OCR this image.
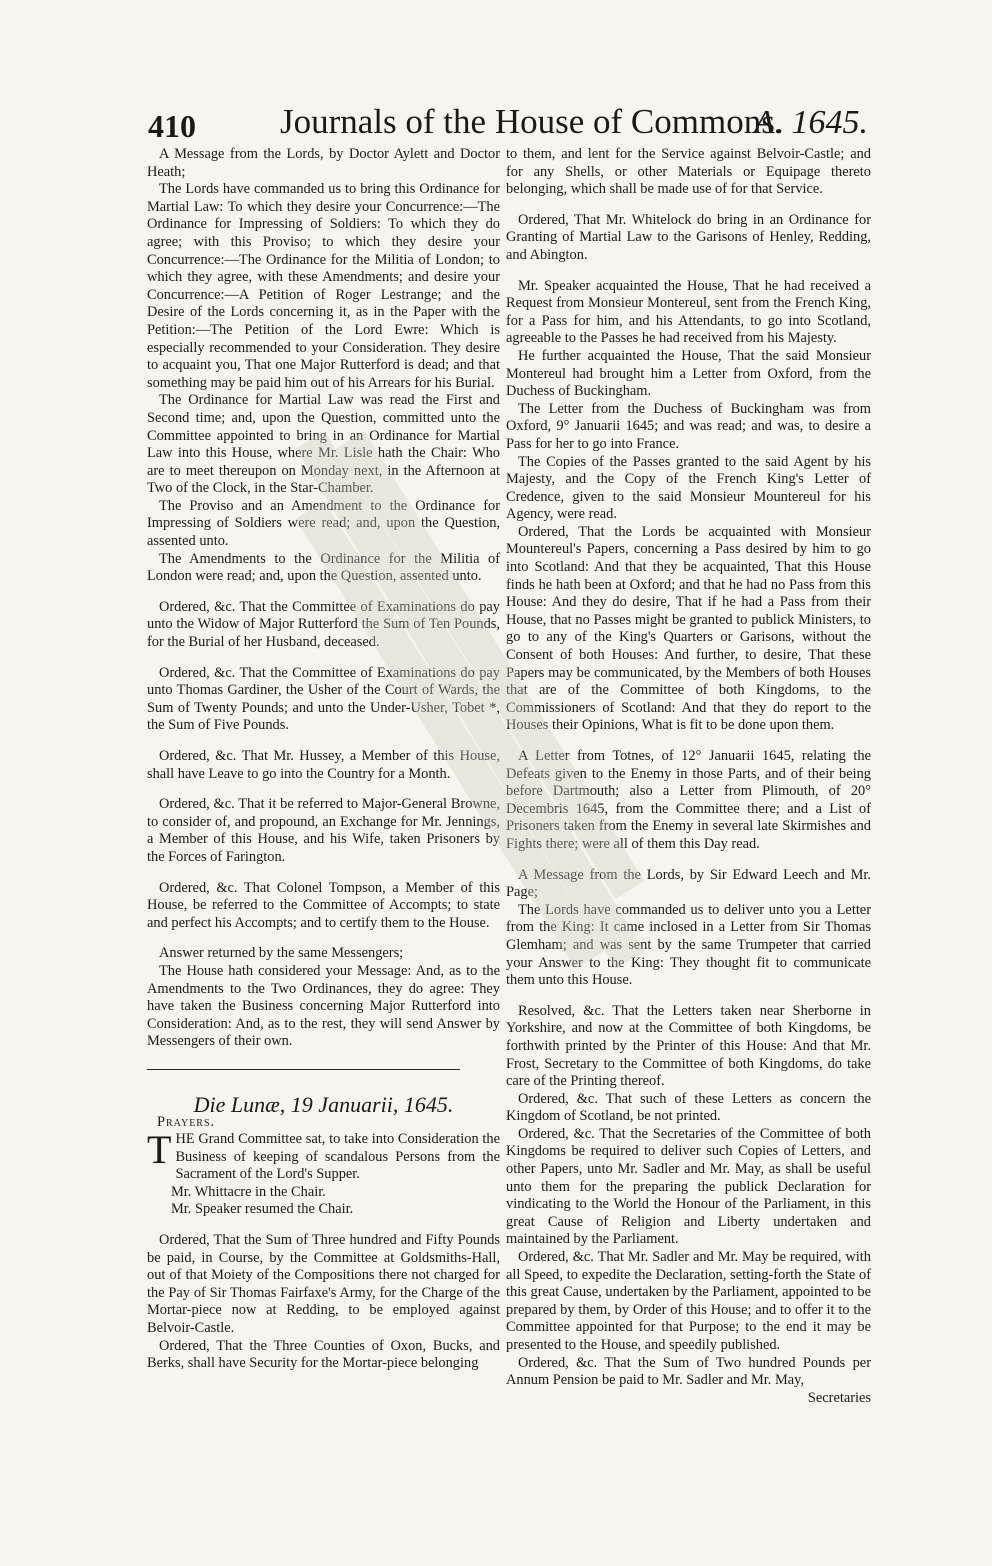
410 Journals of the House of Commons.
A. 1645.

A Message from the Lords, by Doctor Aylett and Doctor Heath;

The Lords have commanded us to bring this Ordinance for Martial Law: To which they desire your Concurrence:—The Ordinance for Impressing of Soldiers: To which they do agree; with this Proviso; to which they desire your Concurrence:—The Ordinance for the Militia of London; to which they agree, with these Amendments; and desire your Concurrence:—A Petition of Roger Lestrange; and the Desire of the Lords concerning it, as in the Paper with the Petition:—The Petition of the Lord Ewre: Which is especially recommended to your Consideration. They desire to acquaint you, That one Major Rutterford is dead; and that something may be paid him out of his Arrears for his Burial.

The Ordinance for Martial Law was read the First and Second time; and, upon the Question, committed unto the Committee appointed to bring in an Ordinance for Martial Law into this House, where Mr. Lisle hath the Chair: Who are to meet thereupon on Monday next, in the Afternoon at Two of the Clock, in the Star-Chamber.

The Proviso and an Amendment to the Ordinance for Impressing of Soldiers were read; and, upon the Question, assented unto.

The Amendments to the Ordinance for the Militia of London were read; and, upon the Question, assented unto.

Ordered, &c. That the Committee of Examinations do pay unto the Widow of Major Rutterford the Sum of Ten Pounds, for the Burial of her Husband, deceased.

Ordered, &c. That the Committee of Examinations do pay unto Thomas Gardiner, the Usher of the Court of Wards, the Sum of Twenty Pounds; and unto the Under-Usher, Tobet *, the Sum of Five Pounds.

Ordered, &c. That Mr. Hussey, a Member of this House, shall have Leave to go into the Country for a Month.

Ordered, &c. That it be referred to Major-General Browne, to consider of, and propound, an Exchange for Mr. Jennings, a Member of this House, and his Wife, taken Prisoners by the Forces of Farington.

Ordered, &c. That Colonel Tompson, a Member of this House, be referred to the Committee of Accompts; to state and perfect his Accompts; and to certify them to the House.

Answer returned by the same Messengers;

The House hath considered your Message: And, as to the Amendments to the Two Ordinances, they do agree: They have taken the Business concerning Major Rutterford into Consideration: And, as to the rest, they will send Answer by Messengers of their own.

Die Lunæ, 19 Januarii, 1645.

Prayers.

THE Grand Committee sat, to take into Consideration the Business of keeping of scandalous Persons from the Sacrament of the Lord's Supper.

Mr. Whittacre in the Chair.

Mr. Speaker resumed the Chair.

Ordered, That the Sum of Three hundred and Fifty Pounds be paid, in Course, by the Committee at Goldsmiths-Hall, out of that Moiety of the Compositions there not charged for the Pay of Sir Thomas Fairfaxe's Army, for the Charge of the Mortar-piece now at Redding, to be employed against Belvoir-Castle.

Ordered, That the Three Counties of Oxon, Bucks, and Berks, shall have Security for the Mortar-piece belonging

to them, and lent for the Service against Belvoir-Castle; and for any Shells, or other Materials or Equipage thereto belonging, which shall be made use of for that Service.

Ordered, That Mr. Whitelock do bring in an Ordinance for Granting of Martial Law to the Garisons of Henley, Redding, and Abington.

Mr. Speaker acquainted the House, That he had received a Request from Monsieur Montereul, sent from the French King, for a Pass for him, and his Attendants, to go into Scotland, agreeable to the Passes he had received from his Majesty.

He further acquainted the House, That the said Monsieur Montereul had brought him a Letter from Oxford, from the Duchess of Buckingham.

The Letter from the Duchess of Buckingham was from Oxford, 9° Januarii 1645; and was read; and was, to desire a Pass for her to go into France.

The Copies of the Passes granted to the said Agent by his Majesty, and the Copy of the French King's Letter of Credence, given to the said Monsieur Mountereul for his Agency, were read.

Ordered, That the Lords be acquainted with Monsieur Mountereul's Papers, concerning a Pass desired by him to go into Scotland: And that they be acquainted, That this House finds he hath been at Oxford; and that he had no Pass from this House: And they do desire, That if he had a Pass from their House, that no Passes might be granted to publick Ministers, to go to any of the King's Quarters or Garisons, without the Consent of both Houses: And further, to desire, That these Papers may be communicated, by the Members of both Houses that are of the Committee of both Kingdoms, to the Commissioners of Scotland: And that they do report to the Houses their Opinions, What is fit to be done upon them.

A Letter from Totnes, of 12° Januarii 1645, relating the Defeats given to the Enemy in those Parts, and of their being before Dartmouth; also a Letter from Plimouth, of 20° Decembris 1645, from the Committee there; and a List of Prisoners taken from the Enemy in several late Skirmishes and Fights there; were all of them this Day read.

A Message from the Lords, by Sir Edward Leech and Mr. Page;

The Lords have commanded us to deliver unto you a Letter from the King: It came inclosed in a Letter from Sir Thomas Glemham; and was sent by the same Trumpeter that carried your Answer to the King: They thought fit to communicate them unto this House.

Resolved, &c. That the Letters taken near Sherborne in Yorkshire, and now at the Committee of both Kingdoms, be forthwith printed by the Printer of this House: And that Mr. Frost, Secretary to the Committee of both Kingdoms, do take care of the Printing thereof.

Ordered, &c. That such of these Letters as concern the Kingdom of Scotland, be not printed.

Ordered, &c. That the Secretaries of the Committee of both Kingdoms be required to deliver such Copies of Letters, and other Papers, unto Mr. Sadler and Mr. May, as shall be useful unto them for the preparing the publick Declaration for vindicating to the World the Honour of the Parliament, in this great Cause of Religion and Liberty undertaken and maintained by the Parliament.

Ordered, &c. That Mr. Sadler and Mr. May be required, with all Speed, to expedite the Declaration, setting-forth the State of this great Cause, undertaken by the Parliament, appointed to be prepared by them, by Order of this House; and to offer it to the Committee appointed for that Purpose; to the end it may be presented to the House, and speedily published.

Ordered, &c. That the Sum of Two hundred Pounds per Annum Pension be paid to Mr. Sadler and Mr. May,

Secretaries
